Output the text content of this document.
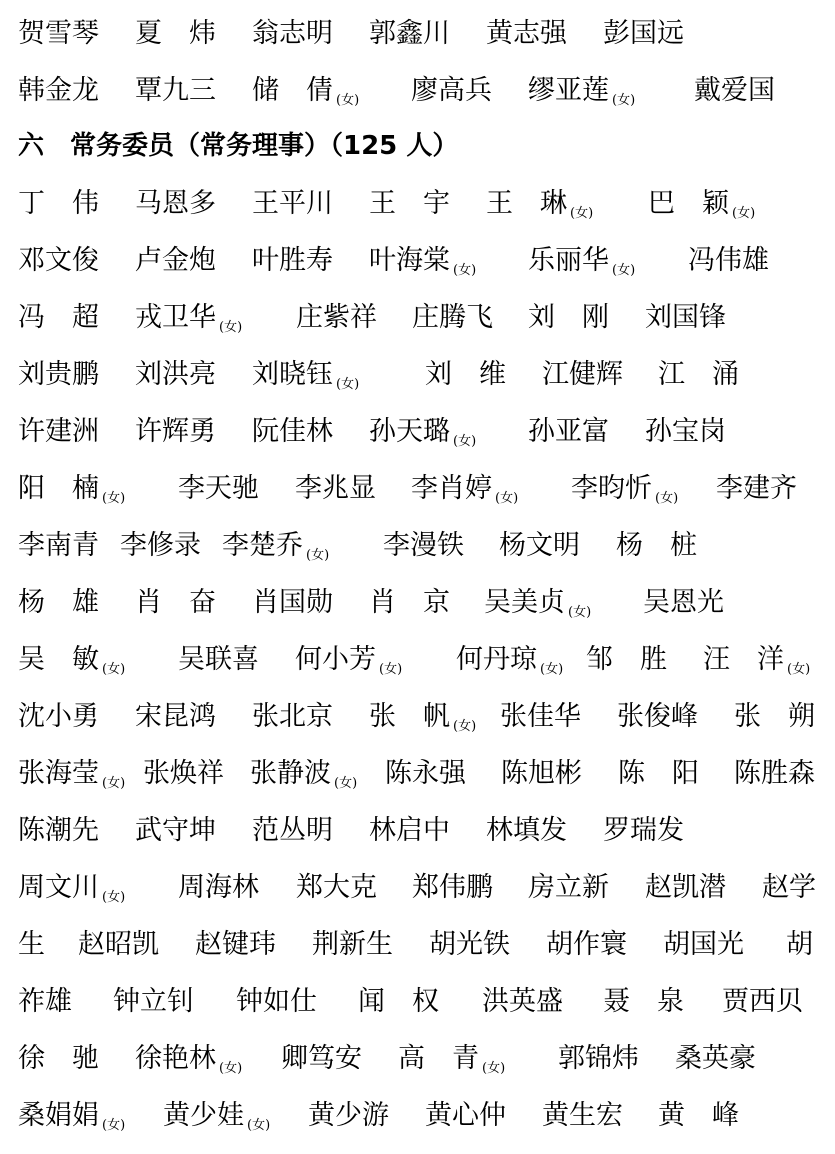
六　常务委员（常务理事）（125 人）
贺雪琴 夏　炜 翁志明 郭鑫川 黄志强 彭国远
韩金龙 覃九三 储　倩 (女) 廖高兵 缪亚莲 (女) 戴爱国
丁　伟 马恩多 王平川 王　宇 王　琳 (女) 巴　颖 (女)
邓文俊 卢金炮 叶胜寿 叶海棠 (女) 乐丽华 (女) 冯伟雄
冯　超 戎卫华 (女) 庄紫祥 庄腾飞 刘　刚 刘国锋
刘贵鹏 刘洪亮 刘晓钰 (女) 刘　维 江健辉 江　涌
许建洲 许辉勇 阮佳林 孙天璐 (女) 孙亚富 孙宝岗
阳　楠 (女) 李天驰 李兆显 李肖婷 (女) 李昀忻 (女) 李建齐
李南青 李修录 李楚乔 (女) 李漫铁 杨文明 杨　桩
杨　雄 肖　奋 肖国勋 肖　京 吴美贞 (女) 吴恩光
吴　敏 (女) 吴联喜 何小芳 (女) 何丹琼 (女) 邹　胜 汪　洋 (女)
沈小勇 宋昆鸿 张北京 张　帆 (女) 张佳华 张俊峰 张　朔
张海莹 (女) 张焕祥 张静波 (女) 陈永强 陈旭彬 陈　阳 陈胜森
陈潮先 武守坤 范丛明 林启中 林填发 罗瑞发
周文川 (女) 周海林 郑大克 郑伟鹏 房立新 赵凯潜 赵学
生 赵昭凯 赵键玮 荆新生 胡光铁 胡作寰 胡国光 胡
祚雄 钟立钊 钟如仕 闻　权 洪英盛 聂　泉 贾西贝
徐　驰 徐艳林 (女) 卿笃安 高　青 (女) 郭锦炜 桑英豪
桑娟娟 (女) 黄少娃 (女) 黄少游 黄心仲 黄生宏 黄　峰
